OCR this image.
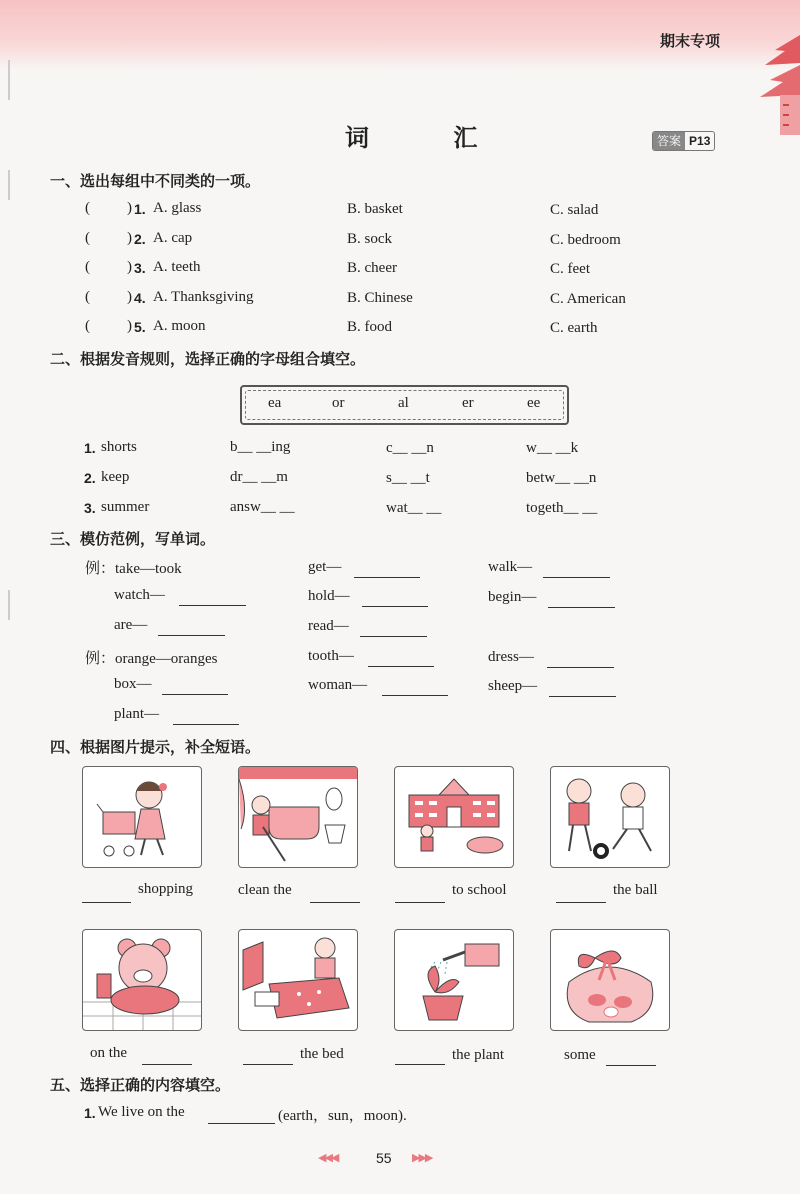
期末专项
词 汇	答案 P13
一、选出每组中不同类的一项。
( ) 1. A. glass	B. basket	C. salad
( ) 2. A. cap	B. sock	C. bedroom
( ) 3. A. teeth	B. cheer	C. feet
( ) 4. A. Thanksgiving	B. Chinese	C. American
( ) 5. A. moon	B. food	C. earth
二、根据发音规则，选择正确的字母组合填空。
ea	or	al	er	ee
1. shorts	b__ __ing	c__ __n	w__ __k
2. keep	dr__ __m	s__ __t	betw__ __n
3. summer	answ__ __	wat__ __	togeth__ __
三、模仿范例，写单词。
例：take—took	get—	walk—
watch—	hold—	begin—
are—	read—
例：orange—oranges	tooth—	dress—
box—	woman—	sheep—
plant—
四、根据图片提示，补全短语。
shopping	clean the	to school	the ball
on the	the bed	the plant	some
五、选择正确的内容填空。
1. We live on the	(earth，sun，moon).
◀◀◀	55 ▶▶▶
